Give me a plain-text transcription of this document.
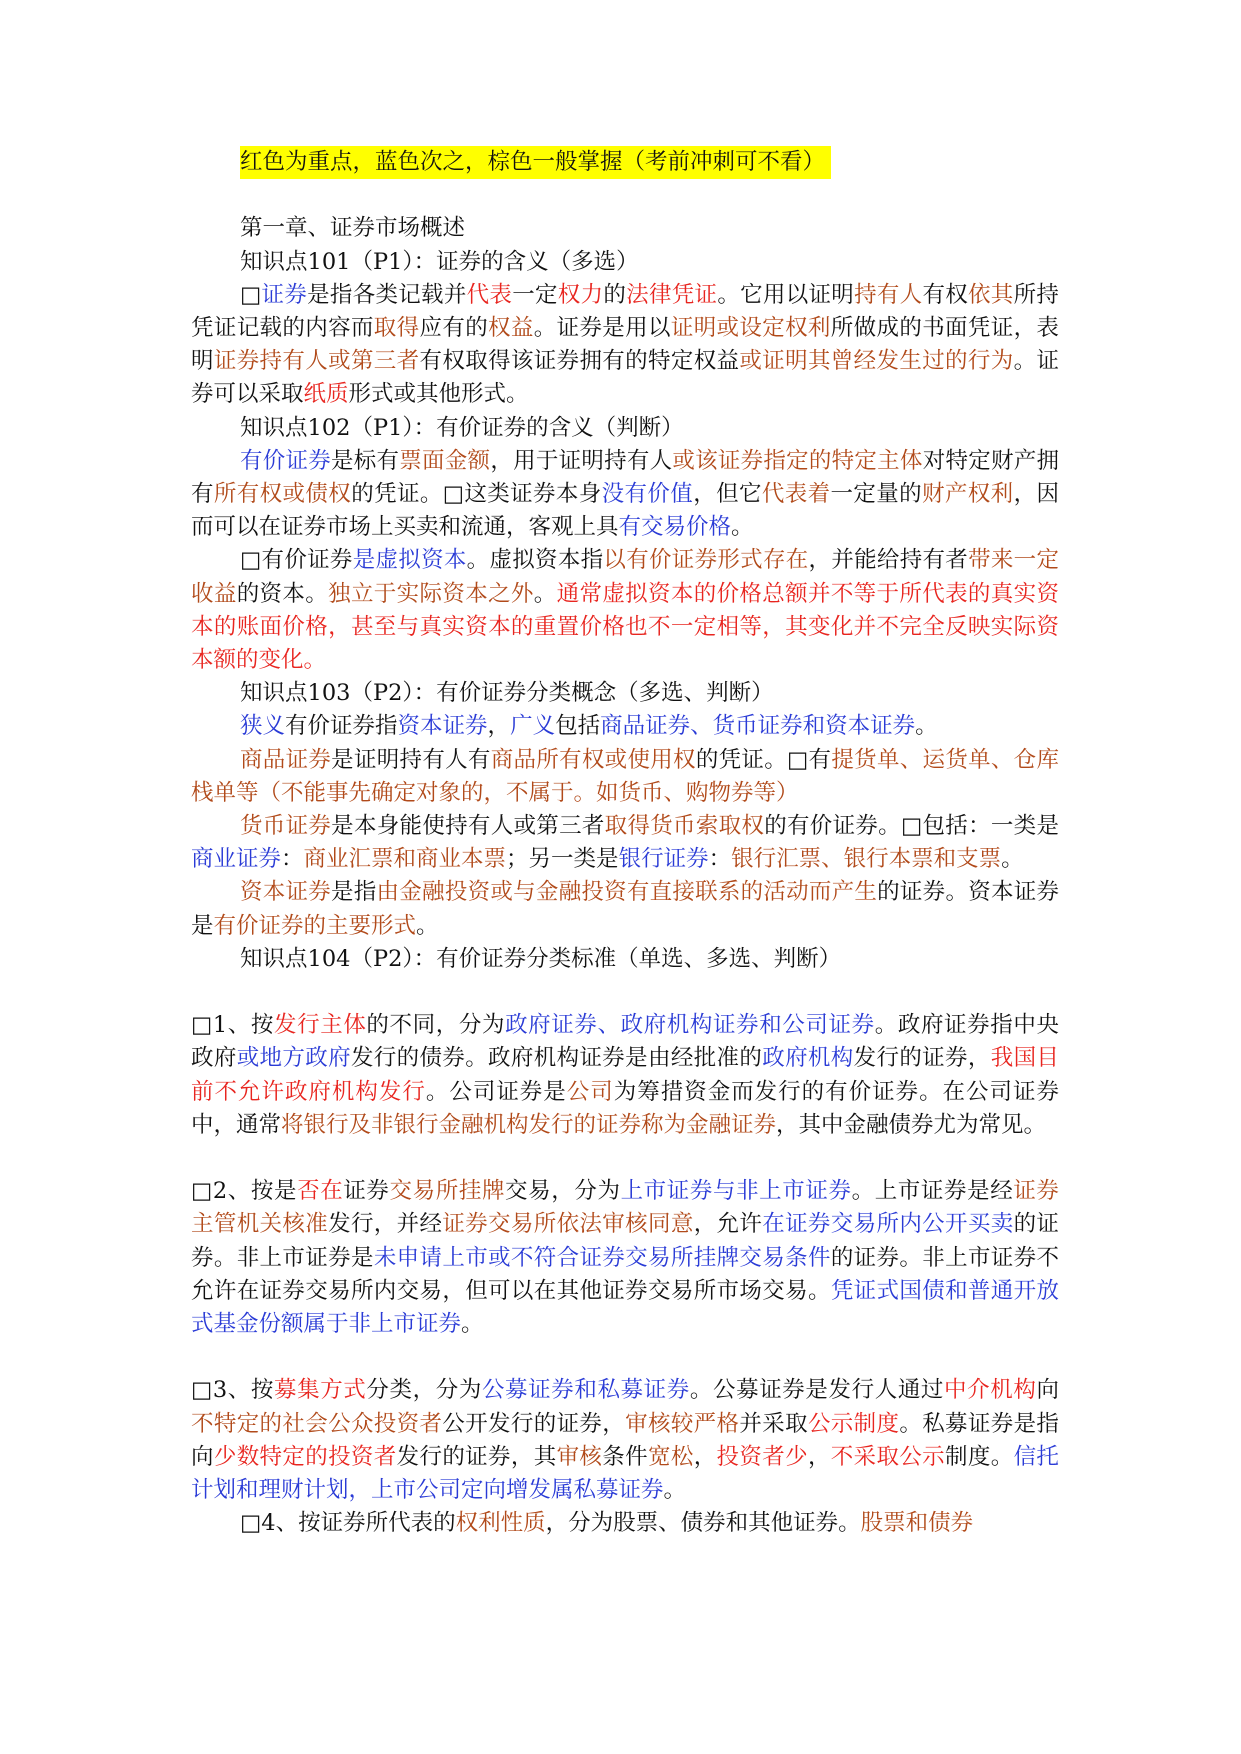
红色为重点，蓝色次之，棕色一般掌握（考前冲刺可不看）

第一章、证券市场概述

知识点101（P1）：证券的含义（多选）

□证券是指各类记载并代表一定权力的法律凭证。它用以证明持有人有权依其所持凭证记载的内容而取得应有的权益。证券是用以证明或设定权利所做成的书面凭证，表明证券持有人或第三者有权取得该证券拥有的特定权益或证明其曾经发生过的行为。证券可以采取纸质形式或其他形式。

知识点102（P1）：有价证券的含义（判断）

有价证券是标有票面金额，用于证明持有人或该证券指定的特定主体对特定财产拥有所有权或债权的凭证。□这类证券本身没有价值，但它代表着一定量的财产权利，因而可以在证券市场上买卖和流通，客观上具有交易价格。

□有价证券是虚拟资本。虚拟资本指以有价证券形式存在，并能给持有者带来一定收益的资本。独立于实际资本之外。通常虚拟资本的价格总额并不等于所代表的真实资本的账面价格，甚至与真实资本的重置价格也不一定相等，其变化并不完全反映实际资本额的变化。

知识点103（P2）：有价证券分类概念（多选、判断）

狭义有价证券指资本证券，广义包括商品证券、货币证券和资本证券。

商品证券是证明持有人有商品所有权或使用权的凭证。□有提货单、运货单、仓库栈单等（不能事先确定对象的，不属于。如货币、购物券等）

货币证券是本身能使持有人或第三者取得货币索取权的有价证券。□包括：一类是商业证券：商业汇票和商业本票；另一类是银行证券：银行汇票、银行本票和支票。

资本证券是指由金融投资或与金融投资有直接联系的活动而产生的证券。资本证券是有价证券的主要形式。

知识点104（P2）：有价证券分类标准（单选、多选、判断）

□1、按发行主体的不同，分为政府证券、政府机构证券和公司证券。政府证券指中央政府或地方政府发行的债券。政府机构证券是由经批准的政府机构发行的证券，我国目前不允许政府机构发行。公司证券是公司为筹措资金而发行的有价证券。在公司证券中，通常将银行及非银行金融机构发行的证券称为金融证券，其中金融债券尤为常见。

□2、按是否在证券交易所挂牌交易，分为上市证券与非上市证券。上市证券是经证券主管机关核准发行，并经证券交易所依法审核同意，允许在证券交易所内公开买卖的证券。非上市证券是未申请上市或不符合证券交易所挂牌交易条件的证券。非上市证券不允许在证券交易所内交易，但可以在其他证券交易所市场交易。凭证式国债和普通开放式基金份额属于非上市证券。

□3、按募集方式分类，分为公募证券和私募证券。公募证券是发行人通过中介机构向不特定的社会公众投资者公开发行的证券，审核较严格并采取公示制度。私募证券是指向少数特定的投资者发行的证券，其审核条件宽松，投资者少，不采取公示制度。信托计划和理财计划，上市公司定向增发属私募证券。

□4、按证券所代表的权利性质，分为股票、债券和其他证券。股票和债券
